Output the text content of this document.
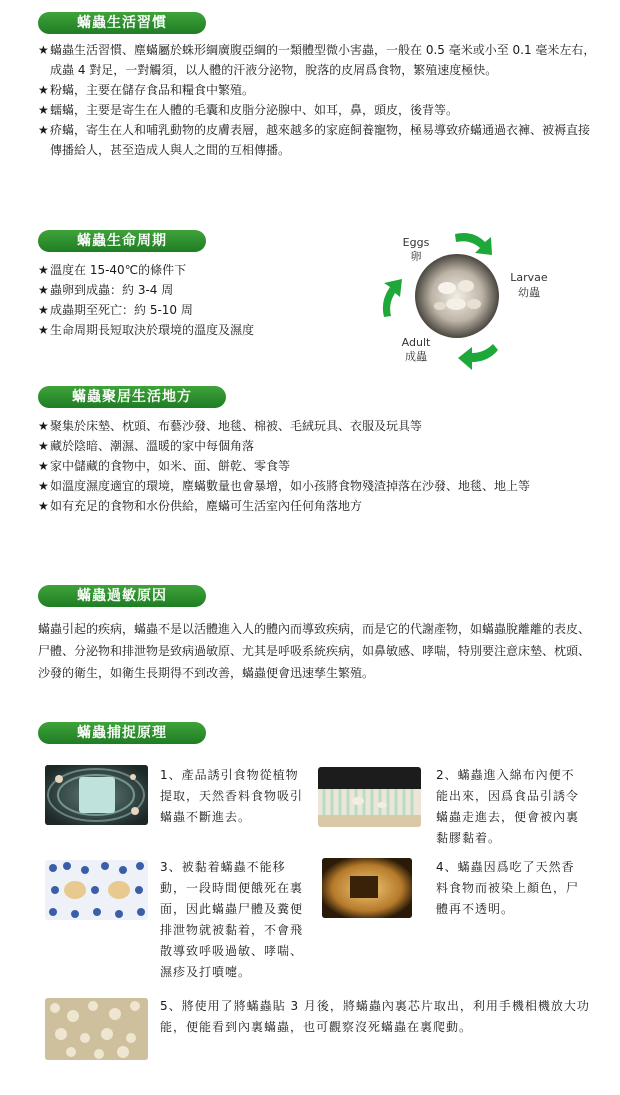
蟎蟲生活習慣
★ 蟎蟲生活習慣、塵蟎屬於蛛形綱廣腹亞綱的一類體型微小害蟲，一般在 0.5 毫米或小至 0.1 毫米左右，成蟲 4 對足，一對觸須，以人體的汗液分泌物，脫落的皮屑爲食物，繁殖速度極快。
★ 粉蟎，主要在儲存食品和糧食中繁殖。
★ 蠕蟎，主要是寄生在人體的毛囊和皮脂分泌腺中、如耳，鼻，頭皮，後背等。
★ 疥蟎，寄生在人和哺乳動物的皮膚表層，越來越多的家庭飼養寵物，極易導致疥蟎通過衣褲、被褥直接傳播給人，甚至造成人與人之間的互相傳播。
蟎蟲生命周期
★ 溫度在 15-40℃的條件下
★ 蟲卵到成蟲：約 3-4 周
★ 成蟲期至死亡：約 5-10 周
★ 生命周期長短取決於環境的溫度及濕度
Eggs
卵
Larvae
幼蟲
Adult
成蟲
蟎蟲聚居生活地方
★ 聚集於床墊、枕頭、布藝沙發、地毯、棉被、毛絨玩具、衣服及玩具等
★ 藏於陰暗、潮濕、溫暖的家中每個角落
★ 家中儲藏的食物中，如米、面、餅乾、零食等
★ 如溫度濕度適宜的環境，塵蟎數量也會暴增，如小孩將食物殘渣掉落在沙發、地毯、地上等
★ 如有充足的食物和水份供給，塵蟎可生活室內任何角落地方
蟎蟲過敏原因
蟎蟲引起的疾病，蟎蟲不是以活體進入人的體內而導致疾病，而是它的代謝產物，如蟎蟲脫離離的表皮、尸體、分泌物和排泄物是致病過敏原、尤其是呼吸系統疾病，如鼻敏感、哮喘，特別要注意床墊、枕頭、沙發的衛生，如衛生長期得不到改善，蟎蟲便會迅速孳生繁殖。
蟎蟲捕捉原理
1、產品誘引食物從植物提取，天然香料食物吸引蟎蟲不斷進去。
2、蟎蟲進入綿布內便不能出來，因爲食品引誘令蟎蟲走進去，便會被內裏黏膠黏着。
3、被黏着蟎蟲不能移動，一段時間便餓死在裏面，因此蟎蟲尸體及糞便排泄物就被黏着，不會飛散導致呼吸過敏、哮喘、濕疹及打噴嚏。
4、蟎蟲因爲吃了天然香料食物而被染上顏色，尸體再不透明。
5、將使用了將蟎蟲貼 3 月後，將蟎蟲內裏芯片取出，利用手機相機放大功能，便能看到內裏蟎蟲，也可觀察沒死蟎蟲在裏爬動。
